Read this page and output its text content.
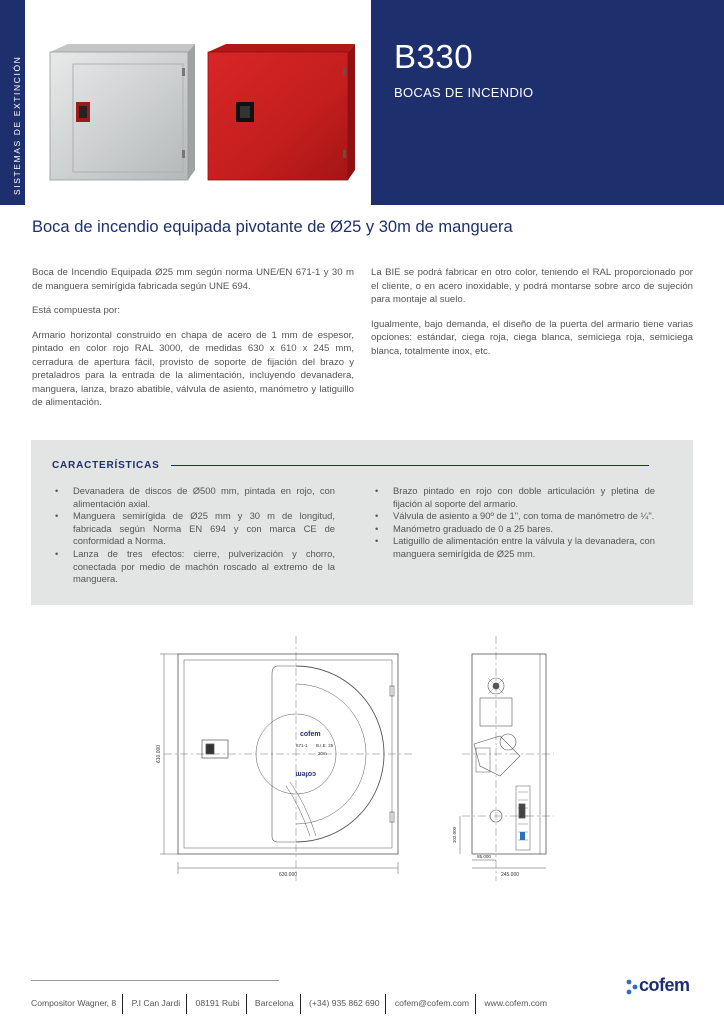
SISTEMAS DE EXTINCIÓN	B330
BOCAS DE INCENDIO
Boca de incendio equipada pivotante de Ø25 y 30m de manguera

Boca de Incendio Equipada Ø25 mm según norma UNE/EN 671-1 y 30 m de manguera semirígida fabricada según UNE 694.

Está compuesta por:

Armario horizontal construido en chapa de acero de 1 mm de espesor, pintado en color rojo RAL 3000, de medidas 630 x 610 x 245 mm, cerradura de apertura fácil, provisto de soporte de fijación del brazo y pretaladros para la entrada de la alimentación, incluyendo devanadera, manguera, lanza, brazo abatible, válvula de asiento, manómetro y latiguillo de alimentación.

La BIE se podrá fabricar en otro color, teniendo el RAL proporcionado por el cliente, o en acero inoxidable, y podrá montarse sobre arco de sujeción para montaje al suelo.

Igualmente, bajo demanda, el diseño de la puerta del armario tiene varias opciones: estándar, ciega roja, ciega blanca, semiciega roja, semiciega blanca, totalmente inox, etc.

CARACTERÍSTICAS
• Devanadera de discos de Ø500 mm, pintada en rojo, con alimentación axial.
• Manguera semirígida de Ø25 mm y 30 m de longitud, fabricada según Norma EN 694 y con marca CE de conformidad a Norma.
• Lanza de tres efectos: cierre, pulverización y chorro, conectada por medio de machón roscado al extremo de la manguera.
• Brazo pintado en rojo con doble articulación y pletina de fijación al soporte del armario.
• Válvula de asiento a 90º de 1", con toma de manómetro de ¼".
• Manómetro graduado de 0 a 25 bares.
• Latiguillo de alimentación entre la válvula y la devanadera, con manguera semirígida de Ø25 mm.
630.000
610.000
cofem
671-1 B.I.E. 25
20m
cofem
245.000
85.000
102.000
Compositor Wagner, 8 P.I Can Jardi 08191 Rubi Barcelona (+34) 935 862 690 cofem@cofem.com www.cofem.com
cofem
